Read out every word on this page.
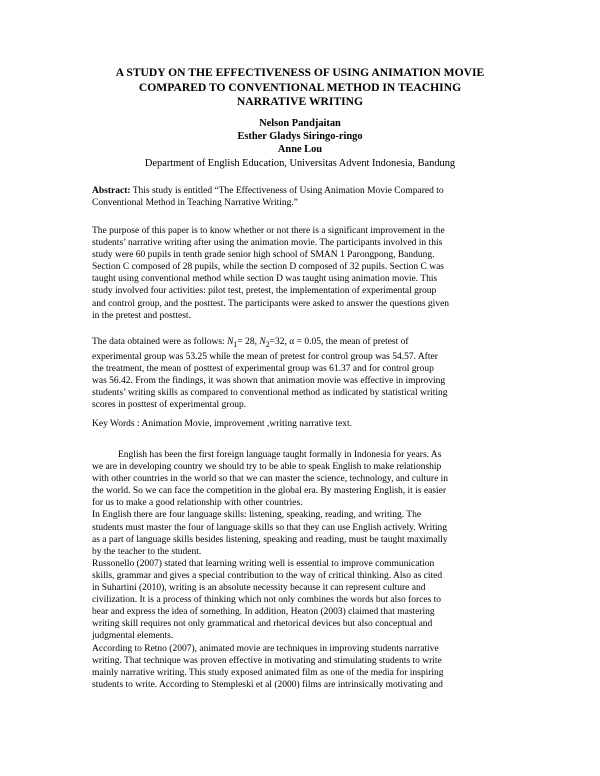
A STUDY ON THE EFFECTIVENESS OF USING ANIMATION MOVIE
COMPARED TO CONVENTIONAL METHOD IN TEACHING
NARRATIVE WRITING
Nelson Pandjaitan
Esther Gladys Siringo-ringo
Anne Lou
Department of English Education, Universitas Advent Indonesia, Bandung

Abstract: This study is entitled “The Effectiveness of Using Animation Movie Compared to
Conventional Method in Teaching Narrative Writing.”

The purpose of this paper is to know whether or not there is a significant improvement in the
students’ narrative writing after using the animation movie. The participants involved in this
study were 60 pupils in tenth grade senior high school of SMAN 1 Parongpong, Bandung.
Section C composed of 28 pupils, while the section D composed of 32 pupils. Section C was
taught using conventional method while section D was taught using animation movie. This
study involved four activities: pilot test, pretest, the implementation of experimental group
and control group, and the posttest. The participants were asked to answer the questions given
in the pretest and posttest.

The data obtained were as follows: $N_1= 28$, $N_2=32$, α = 0.05, the mean of pretest of
experimental group was 53.25 while the mean of pretest for control group was 54.57. After
the treatment, the mean of posttest of experimental group was 61.37 and for control group
was 56.42. From the findings, it was shown that animation movie was effective in improving
students’ writing skills as compared to conventional method as indicated by statistical writing
scores in posttest of experimental group.

Key Words : Animation Movie, improvement ,writing narrative text.

English has been the first foreign language taught formally in Indonesia for years. As
we are in developing country we should try to be able to speak English to make relationship
with other countries in the world so that we can master the science, technology, and culture in
the world. So we can face the competition in the global era. By mastering English, it is easier
for us to make a good relationship with other countries.
In English there are four language skills: listening, speaking, reading, and writing. The
students must master the four of language skills so that they can use English actively. Writing
as a part of language skills besides listening, speaking and reading, must be taught maximally
by the teacher to the student.
Russonello (2007) stated that learning writing well is essential to improve communication
skills, grammar and gives a special contribution to the way of critical thinking. Also as cited
in Suhartini (2010), writing is an absolute necessity because it can represent culture and
civilization. It is a process of thinking which not only combines the words but also forces to
bear and express the idea of something. In addition, Heaton (2003) claimed that mastering
writing skill requires not only grammatical and rhetorical devices but also conceptual and
judgmental elements.
According to Retno (2007), animated movie are techniques in improving students narrative
writing. That technique was proven effective in motivating and stimulating students to write
mainly narrative writing. This study exposed animated film as one of the media for inspiring
students to write. According to Stempleski et al (2000) films are intrinsically motivating and
